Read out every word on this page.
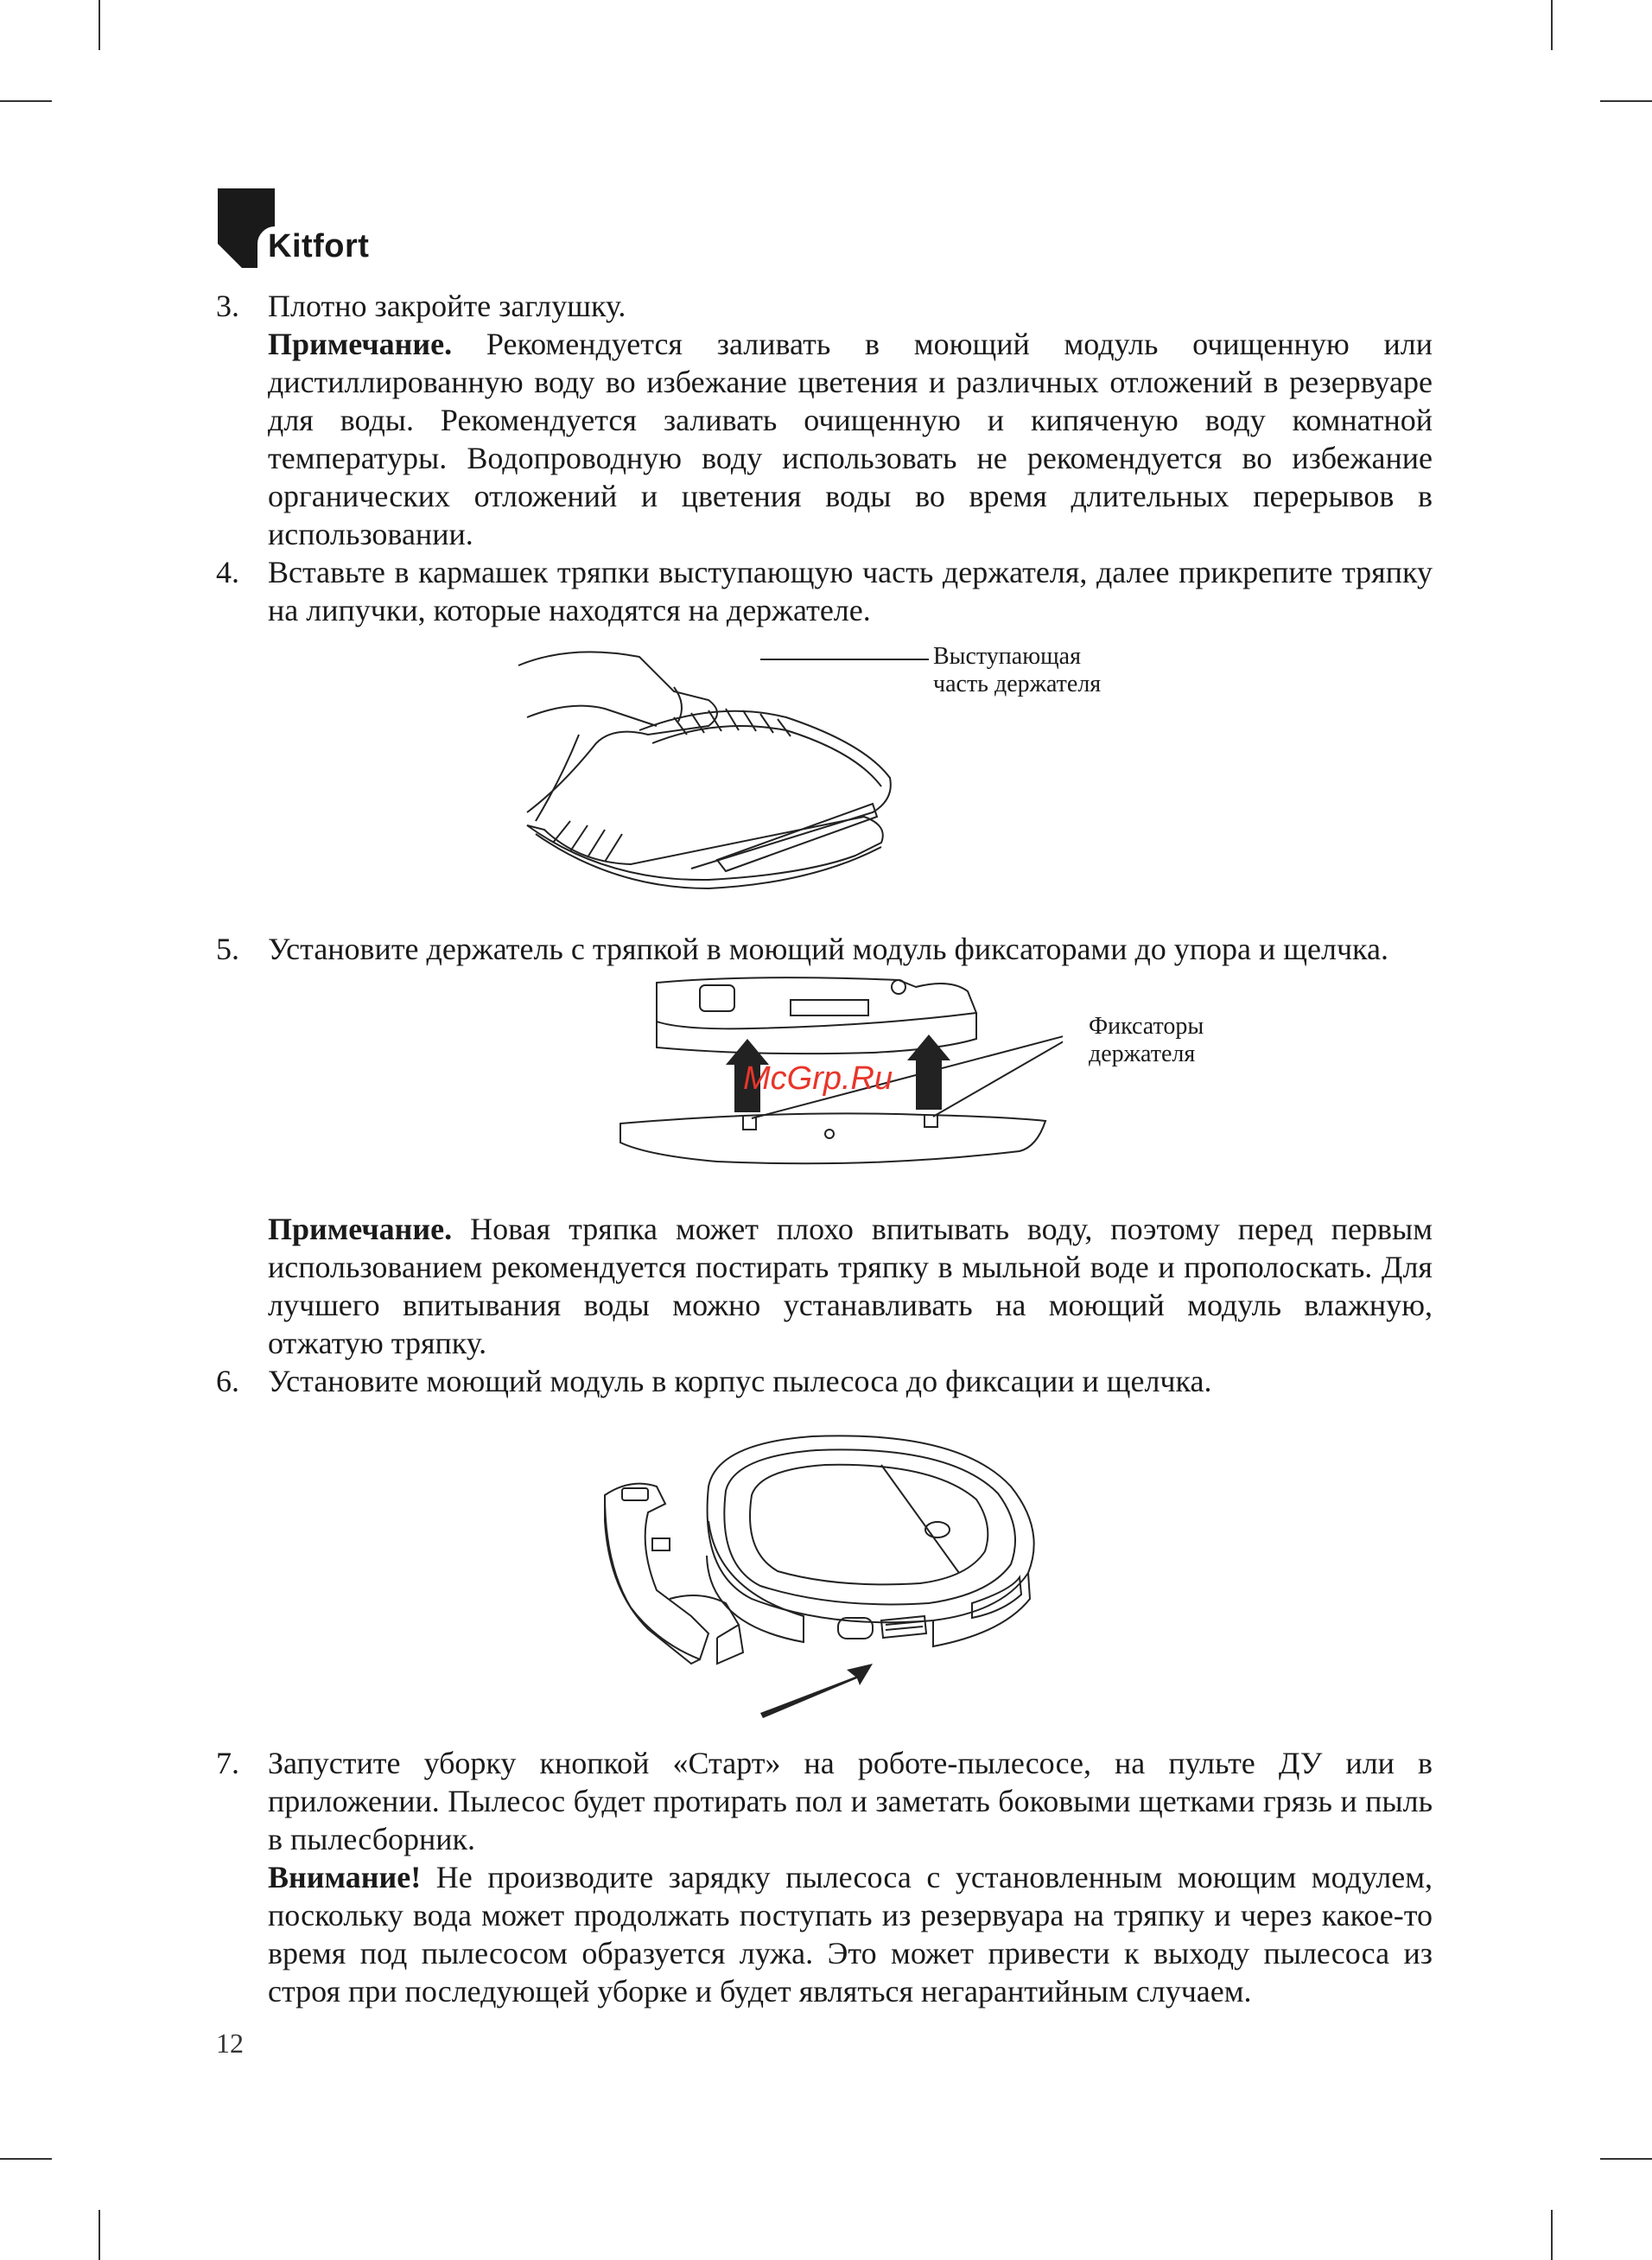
Kitfort
3. Плотно закройте заглушку.

Примечание. Рекомендуется заливать в моющий модуль очищенную или дистиллированную воду во избежание цветения и различных отложений в резервуаре для воды. Рекомендуется заливать очищенную и кипяченую воду комнатной температуры. Водопроводную воду использовать не рекомендуется во избежание органических отложений и цветения воды во время длительных перерывов в использовании.

4. Вставьте в кармашек тряпки выступающую часть держателя, далее прикрепите тряпку на липучки, которые находятся на держателе.

Выступающая
часть держателя
5. Установите держатель с тряпкой в моющий модуль фиксаторами до упора и щелчка.

McGrp.Ru
Фиксаторы
держателя

Примечание. Новая тряпка может плохо впитывать воду, поэтому перед первым использованием рекомендуется постирать тряпку в мыльной воде и прополоскать. Для лучшего впитывания воды можно устанавливать на моющий модуль влажную, отжатую тряпку.

6. Установите моющий модуль в корпус пылесоса до фиксации и щелчка.

7. Запустите уборку кнопкой «Старт» на роботе-пылесосе, на пульте ДУ или в приложении. Пылесос будет протирать пол и заметать боковыми щетками грязь и пыль в пылесборник.

Внимание! Не производите зарядку пылесоса с установленным моющим модулем, поскольку вода может продолжать поступать из резервуара на тряпку и через какое-то время под пылесосом образуется лужа. Это может привести к выходу пылесоса из строя при последующей уборке и будет являться негарантийным случаем.

12
